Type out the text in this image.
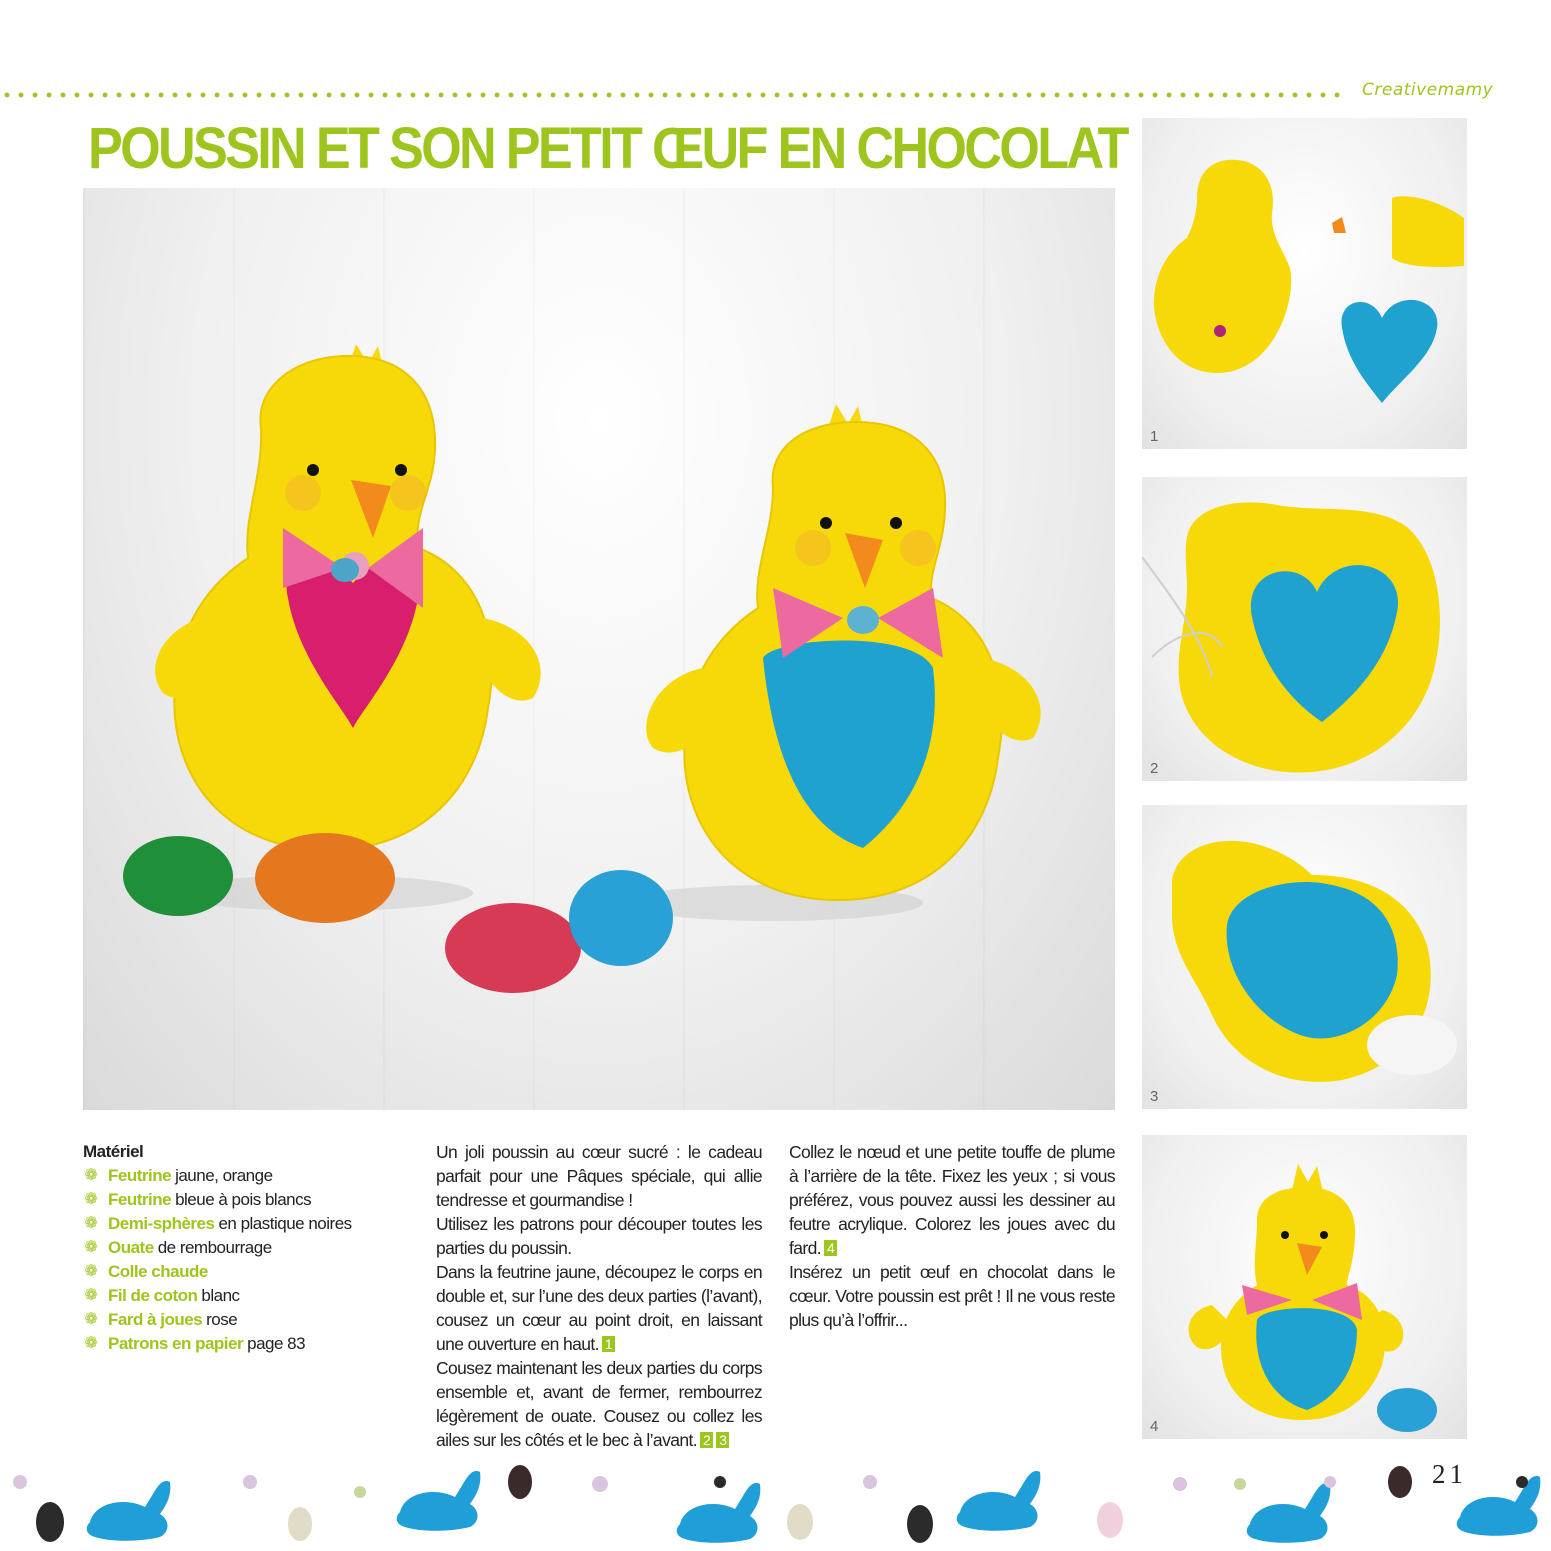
Creativemamy
POUSSIN ET SON PETIT ŒUF EN CHOCOLAT
1
2
3
4
Matériel
❁ Feutrine jaune, orange
❁ Feutrine bleue à pois blancs
❁ Demi-sphères en plastique noires
❁ Ouate de rembourrage
❁ Colle chaude
❁ Fil de coton blanc
❁ Fard à joues rose
❁ Patrons en papier page 83

Un joli poussin au cœur sucré : le cadeau parfait pour une Pâques spéciale, qui allie tendresse et gourmandise !

Utilisez les patrons pour découper toutes les parties du poussin.

Dans la feutrine jaune, découpez le corps en double et, sur l’une des deux parties (l’avant), cousez un cœur au point droit, en laissant une ouverture en haut. 1

Cousez maintenant les deux parties du corps ensemble et, avant de fermer, rembourrez légèrement de ouate. Cousez ou collez les ailes sur les côtés et le bec à l’avant. 2 3

Collez le nœud et une petite touffe de plume à l’arrière de la tête. Fixez les yeux ; si vous préférez, vous pouvez aussi les dessiner au feutre acrylique. Colorez les joues avec du fard. 4

Insérez un petit œuf en chocolat dans le cœur. Votre poussin est prêt ! Il ne vous reste plus qu’à l’offrir...

21
